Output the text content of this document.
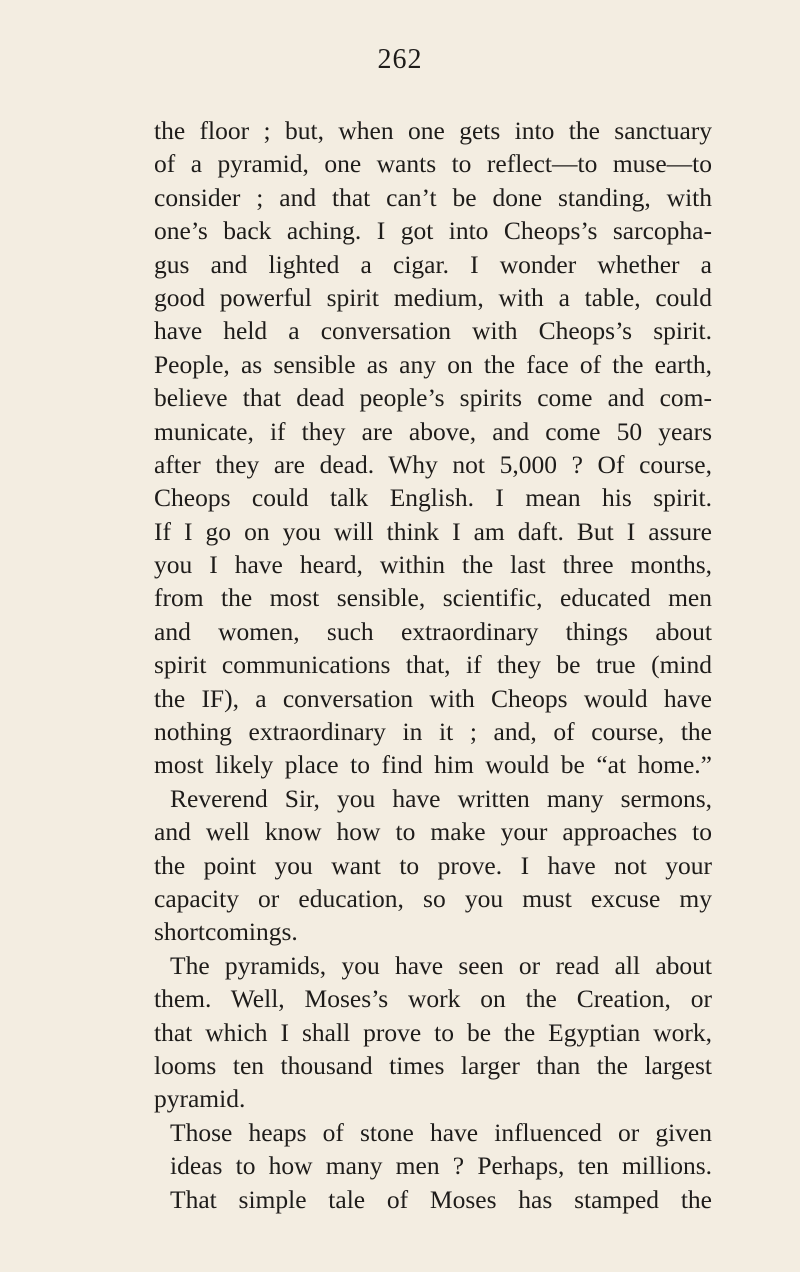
262
the floor ; but, when one gets into the sanctuary
of a pyramid, one wants to reflect—to muse—to
consider ; and that can’t be done standing, with
one’s back aching. I got into Cheops’s sarcopha-
gus and lighted a cigar. I wonder whether a
good powerful spirit medium, with a table, could
have held a conversation with Cheops’s spirit.
People, as sensible as any on the face of the earth,
believe that dead people’s spirits come and com-
municate, if they are above, and come 50 years
after they are dead. Why not 5,000 ? Of course,
Cheops could talk English. I mean his spirit.
If I go on you will think I am daft. But I assure
you I have heard, within the last three months,
from the most sensible, scientific, educated men
and women, such extraordinary things about
spirit communications that, if they be true (mind
the IF), a conversation with Cheops would have
nothing extraordinary in it ; and, of course, the
most likely place to find him would be “at home.”
Reverend Sir, you have written many sermons,
and well know how to make your approaches to
the point you want to prove. I have not your
capacity or education, so you must excuse my
shortcomings.
The pyramids, you have seen or read all about
them. Well, Moses’s work on the Creation, or
that which I shall prove to be the Egyptian work,
looms ten thousand times larger than the largest
pyramid.
Those heaps of stone have influenced or given
ideas to how many men ? Perhaps, ten millions.
That simple tale of Moses has stamped the
